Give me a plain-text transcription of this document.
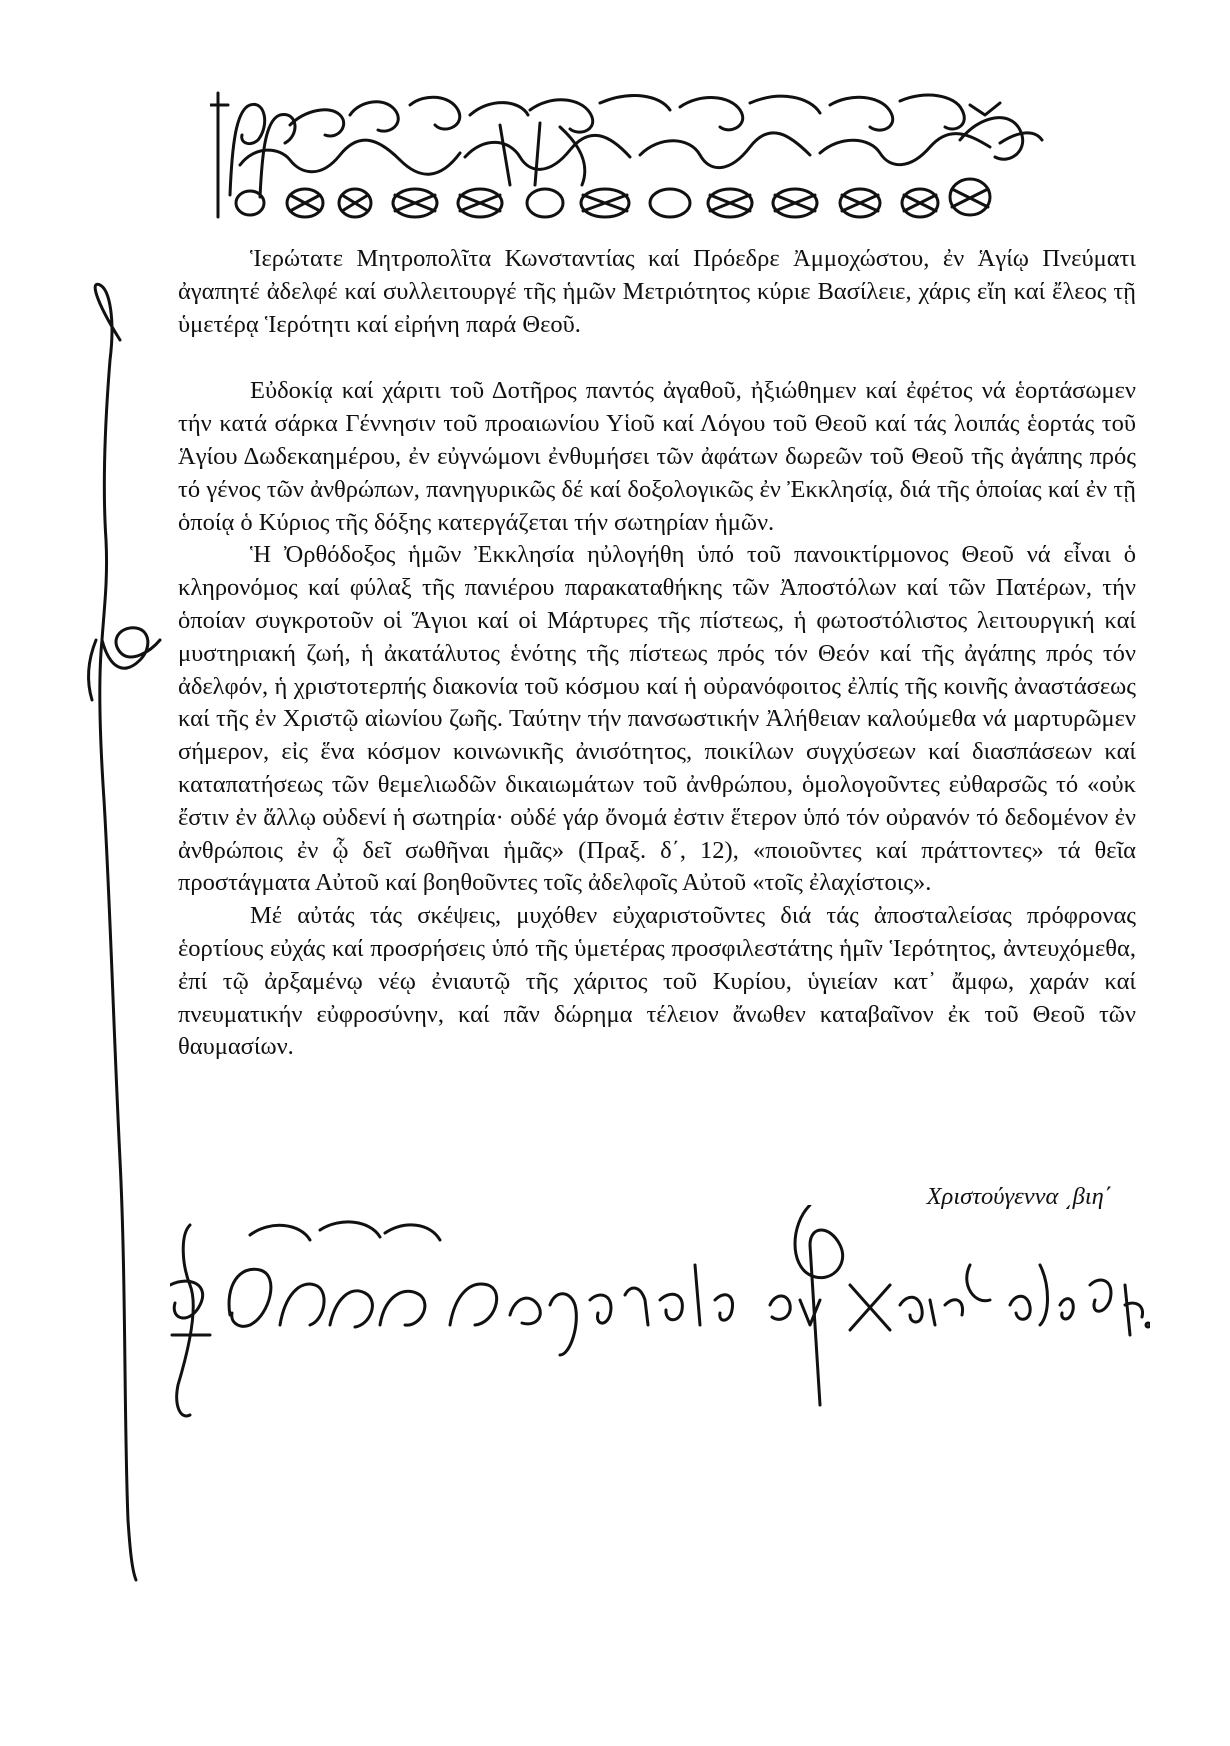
Ἱερώτατε Μητροπολῖτα Κωνσταντίας καί Πρόεδρε Ἀμμοχώστου, ἐν Ἁγίῳ Πνεύματι ἀγαπητέ ἀδελφέ καί συλλειτουργέ τῆς ἡμῶν Μετριότητος κύριε Βασίλειε, χάρις εἴη καί ἔλεος τῇ ὑμετέρᾳ Ἱερότητι καί εἰρήνη παρά Θεοῦ.

Εὐδοκίᾳ καί χάριτι τοῦ Δοτῆρος παντός ἀγαθοῦ, ἠξιώθημεν καί ἐφέτος νά ἑορτάσωμεν τήν κατά σάρκα Γέννησιν τοῦ προαιωνίου Υἱοῦ καί Λόγου τοῦ Θεοῦ καί τάς λοιπάς ἑορτάς τοῦ Ἁγίου Δωδεκαημέρου, ἐν εὐγνώμονι ἐνθυμήσει τῶν ἀφάτων δωρεῶν τοῦ Θεοῦ τῆς ἀγάπης πρός τό γένος τῶν ἀνθρώπων, πανηγυρικῶς δέ καί δοξολογικῶς ἐν Ἐκκλησίᾳ, διά τῆς ὁποίας καί ἐν τῇ ὁποίᾳ ὁ Κύριος τῆς δόξης κατεργάζεται τήν σωτηρίαν ἡμῶν.

Ἡ Ὀρθόδοξος ἡμῶν Ἐκκλησία ηὐλογήθη ὑπό τοῦ πανοικτίρμονος Θεοῦ νά εἶναι ὁ κληρονόμος καί φύλαξ τῆς πανιέρου παρακαταθήκης τῶν Ἀποστόλων καί τῶν Πατέρων, τήν ὁποίαν συγκροτοῦν οἱ Ἅγιοι καί οἱ Μάρτυρες τῆς πίστεως, ἡ φωτοστόλιστος λειτουργική καί μυστηριακή ζωή, ἡ ἀκατάλυτος ἑνότης τῆς πίστεως πρός τόν Θεόν καί τῆς ἀγάπης πρός τόν ἀδελφόν, ἡ χριστοτερπής διακονία τοῦ κόσμου καί ἡ οὐρανόφοιτος ἐλπίς τῆς κοινῆς ἀναστάσεως καί τῆς ἐν Χριστῷ αἰωνίου ζωῆς. Ταύτην τήν πανσωστικήν Ἀλήθειαν καλούμεθα νά μαρτυρῶμεν σήμερον, εἰς ἕνα κόσμον κοινωνικῆς ἀνισότητος, ποικίλων συγχύσεων καί διασπάσεων καί καταπατήσεως τῶν θεμελιωδῶν δικαιωμάτων τοῦ ἀνθρώπου, ὁμολογοῦντες εὐθαρσῶς τό «οὐκ ἔστιν ἐν ἄλλῳ οὐδενί ἡ σωτηρία· οὐδέ γάρ ὄνομά ἐστιν ἕτερον ὑπό τόν οὐρανόν τό δεδομένον ἐν ἀνθρώποις ἐν ᾧ δεῖ σωθῆναι ἡμᾶς» (Πραξ. δ΄, 12), «ποιοῦντες καί πράττοντες» τά θεῖα προστάγματα Αὐτοῦ καί βοηθοῦντες τοῖς ἀδελφοῖς Αὐτοῦ «τοῖς ἐλαχίστοις».

Μέ αὐτάς τάς σκέψεις, μυχόθεν εὐχαριστοῦντες διά τάς ἀποσταλείσας πρόφρονας ἑορτίους εὐχάς καί προσρήσεις ὑπό τῆς ὑμετέρας προσφιλεστάτης ἡμῖν Ἱερότητος, ἀντευχόμεθα, ἐπί τῷ ἀρξαμένῳ νέῳ ἐνιαυτῷ τῆς χάριτος τοῦ Κυρίου, ὑγιείαν κατ᾽ ἄμφω, χαράν καί πνευματικήν εὐφροσύνην, καί πᾶν δώρημα τέλειον ἄνωθεν καταβαῖνον ἐκ τοῦ Θεοῦ τῶν θαυμασίων.

Χριστούγεννα ͵βιη΄
